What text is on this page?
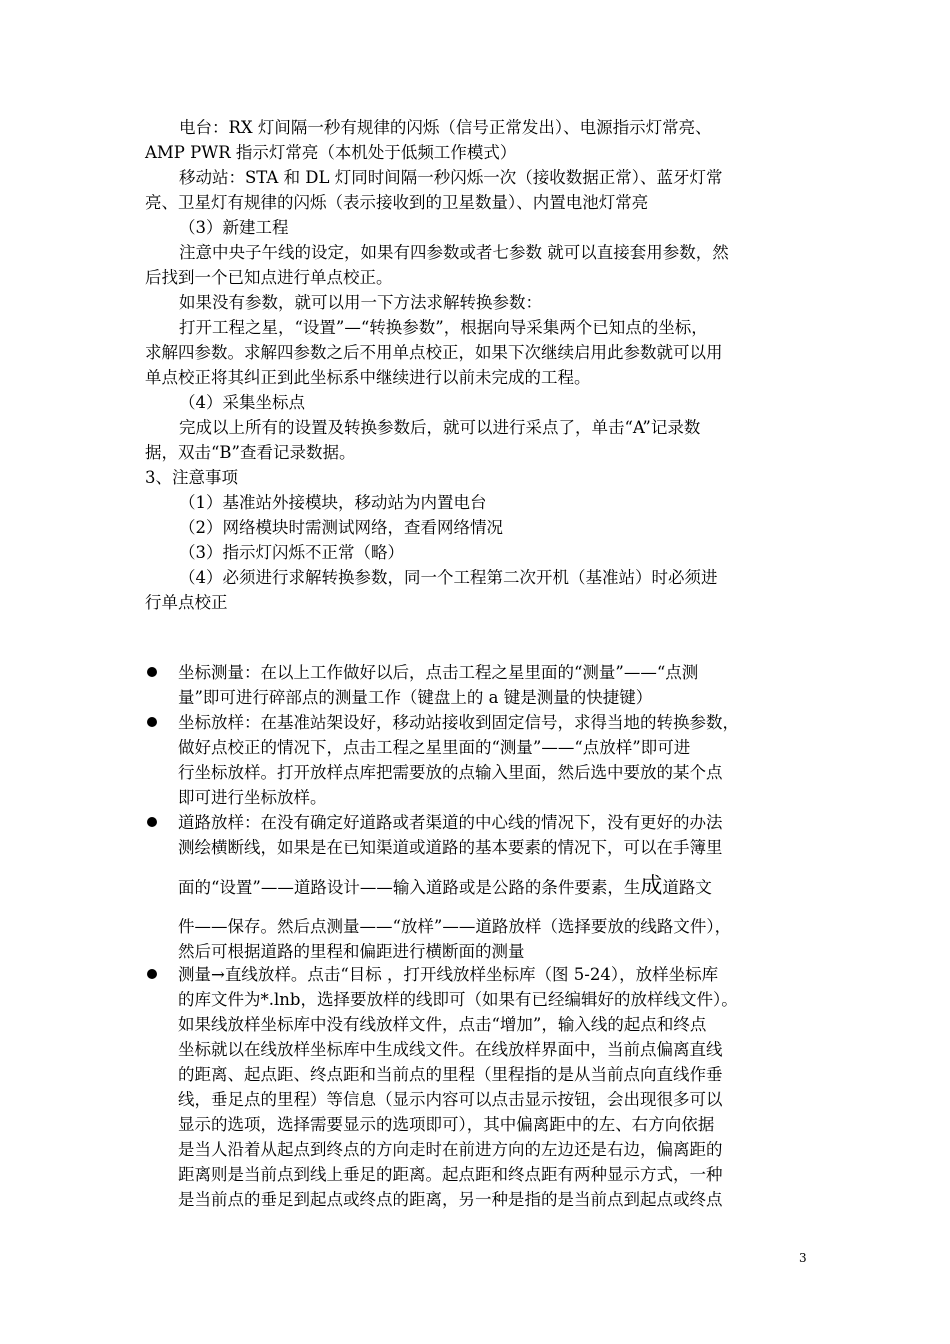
电台：RX 灯间隔一秒有规律的闪烁（信号正常发出）、电源指示灯常亮、
AMP PWR 指示灯常亮（本机处于低频工作模式）
移动站：STA 和 DL 灯同时间隔一秒闪烁一次（接收数据正常）、蓝牙灯常
亮、卫星灯有规律的闪烁（表示接收到的卫星数量）、内置电池灯常亮
（3）新建工程
注意中央子午线的设定，如果有四参数或者七参数 就可以直接套用参数，然
后找到一个已知点进行单点校正。
如果没有参数，就可以用一下方法求解转换参数：
打开工程之星，“设置”—“转换参数”，根据向导采集两个已知点的坐标，
求解四参数。求解四参数之后不用单点校正，如果下次继续启用此参数就可以用
单点校正将其纠正到此坐标系中继续进行以前未完成的工程。
（4）采集坐标点
完成以上所有的设置及转换参数后，就可以进行采点了，单击“A”记录数
据，双击“B”查看记录数据。
3、注意事项
（1）基准站外接模块，移动站为内置电台
（2）网络模块时需测试网络，查看网络情况
（3）指示灯闪烁不正常（略）
（4）必须进行求解转换参数，同一个工程第二次开机（基准站）时必须进
行单点校正
坐标测量：在以上工作做好以后，点击工程之星里面的“测量”——“点测
量”即可进行碎部点的测量工作（键盘上的 a 键是测量的快捷键）
坐标放样：在基准站架设好，移动站接收到固定信号，求得当地的转换参数，
做好点校正的情况下，点击工程之星里面的“测量”——“点放样”即可进
行坐标放样。打开放样点库把需要放的点输入里面，然后选中要放的某个点
即可进行坐标放样。
道路放样：在没有确定好道路或者渠道的中心线的情况下，没有更好的办法
测绘横断线，如果是在已知渠道或道路的基本要素的情况下，可以在手簿里
面的“设置”——道路设计——输入道路或是公路的条件要素，生成道路文
件——保存。然后点测量——“放样”——道路放样（选择要放的线路文件），
然后可根据道路的里程和偏距进行横断面的测量
测量→直线放样。点击“目标 ，打开线放样坐标库（图 5-24），放样坐标库
的库文件为*.lnb，选择要放样的线即可（如果有已经编辑好的放样线文件）。
如果线放样坐标库中没有线放样文件，点击“增加”，输入线的起点和终点
坐标就以在线放样坐标库中生成线文件。在线放样界面中，当前点偏离直线
的距离、起点距、终点距和当前点的里程（里程指的是从当前点向直线作垂
线，垂足点的里程）等信息（显示内容可以点击显示按钮，会出现很多可以
显示的选项，选择需要显示的选项即可），其中偏离距中的左、右方向依据
是当人沿着从起点到终点的方向走时在前进方向的左边还是右边，偏离距的
距离则是当前点到线上垂足的距离。起点距和终点距有两种显示方式，一种
是当前点的垂足到起点或终点的距离，另一种是指的是当前点到起点或终点
3
